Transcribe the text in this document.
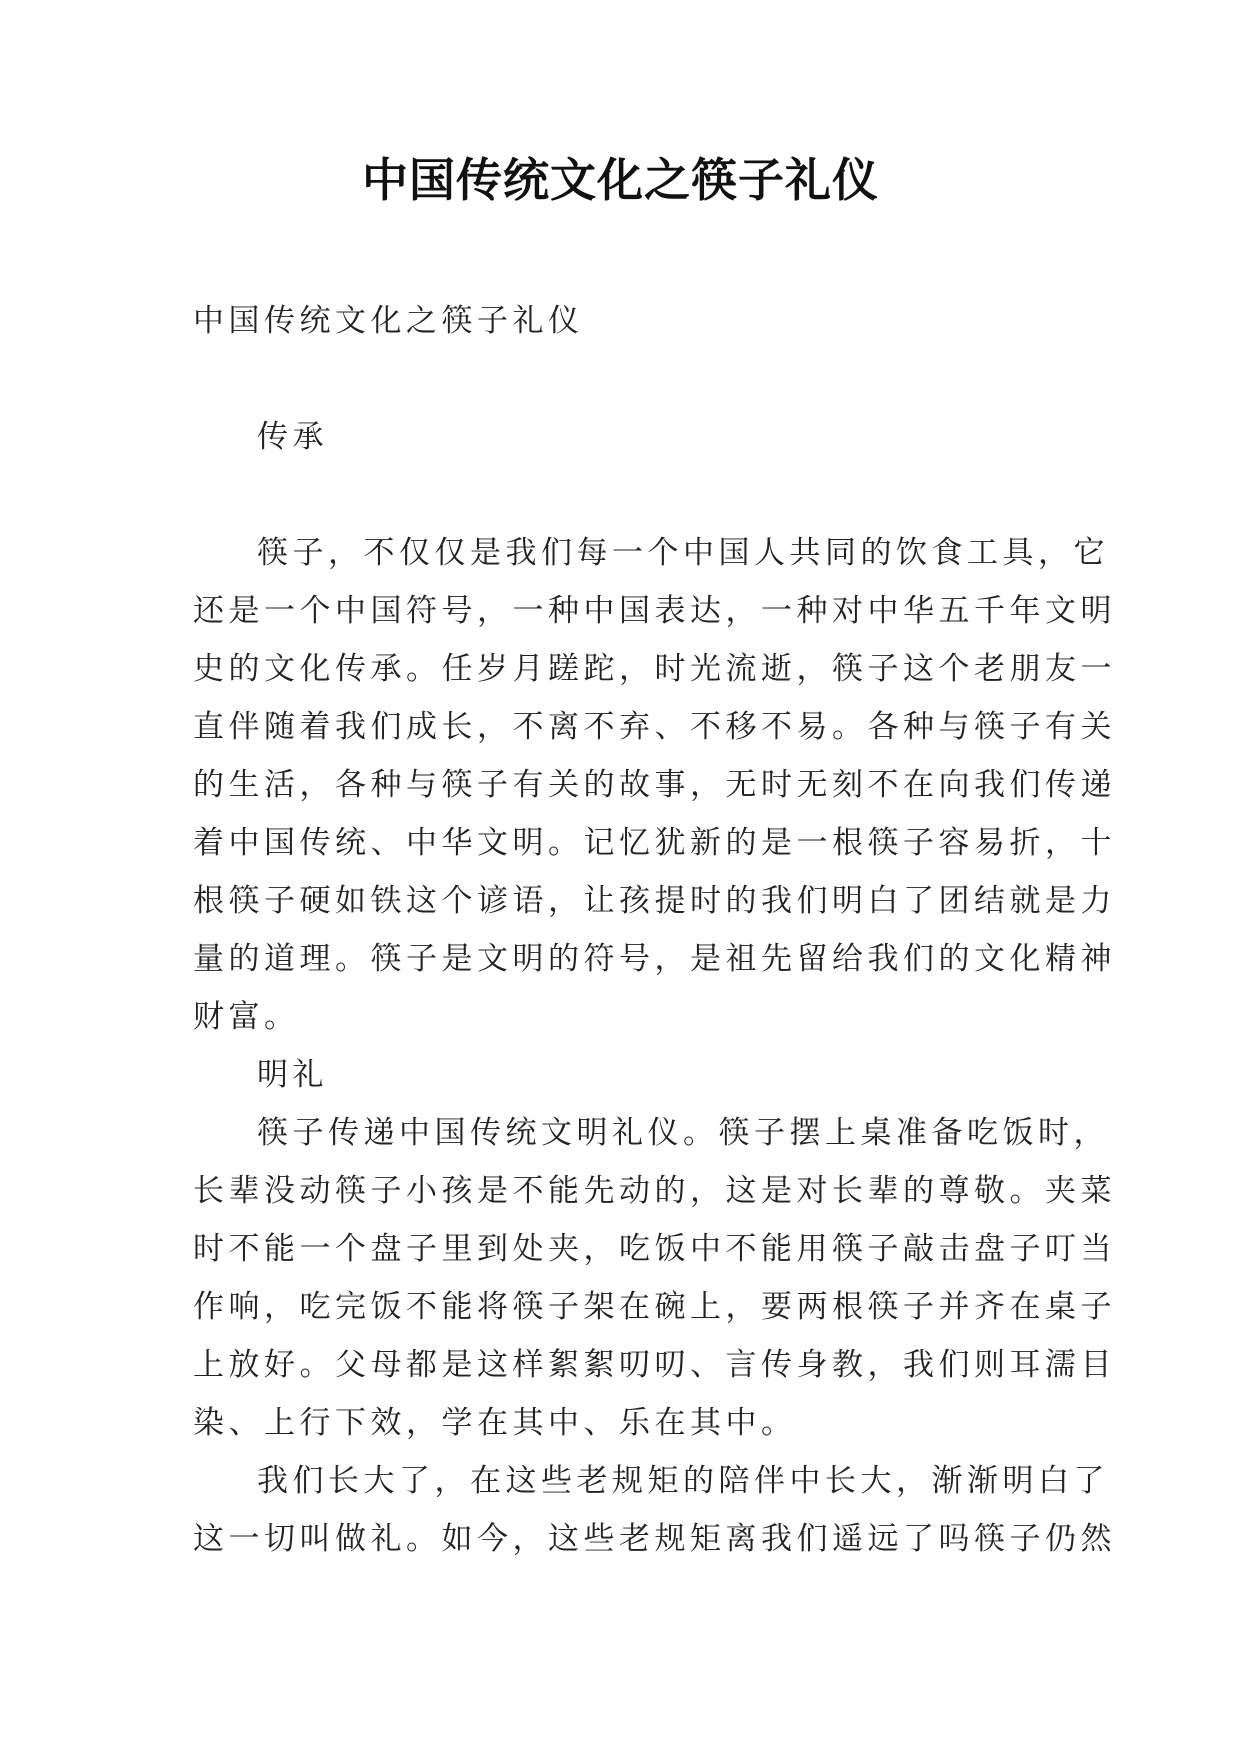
中国传统文化之筷子礼仪
中国传统文化之筷子礼仪
传承
筷子，不仅仅是我们每一个中国人共同的饮食工具，它
还是一个中国符号，一种中国表达，一种对中华五千年文明
史的文化传承。任岁月蹉跎，时光流逝，筷子这个老朋友一
直伴随着我们成长，不离不弃、不移不易。各种与筷子有关
的生活，各种与筷子有关的故事，无时无刻不在向我们传递
着中国传统、中华文明。记忆犹新的是一根筷子容易折，十
根筷子硬如铁这个谚语，让孩提时的我们明白了团结就是力
量的道理。筷子是文明的符号，是祖先留给我们的文化精神
财富。
明礼
筷子传递中国传统文明礼仪。筷子摆上桌准备吃饭时，
长辈没动筷子小孩是不能先动的，这是对长辈的尊敬。夹菜
时不能一个盘子里到处夹，吃饭中不能用筷子敲击盘子叮当
作响，吃完饭不能将筷子架在碗上，要两根筷子并齐在桌子
上放好。父母都是这样絮絮叨叨、言传身教，我们则耳濡目
染、上行下效，学在其中、乐在其中。
我们长大了，在这些老规矩的陪伴中长大，渐渐明白了
这一切叫做礼。如今，这些老规矩离我们遥远了吗筷子仍然
